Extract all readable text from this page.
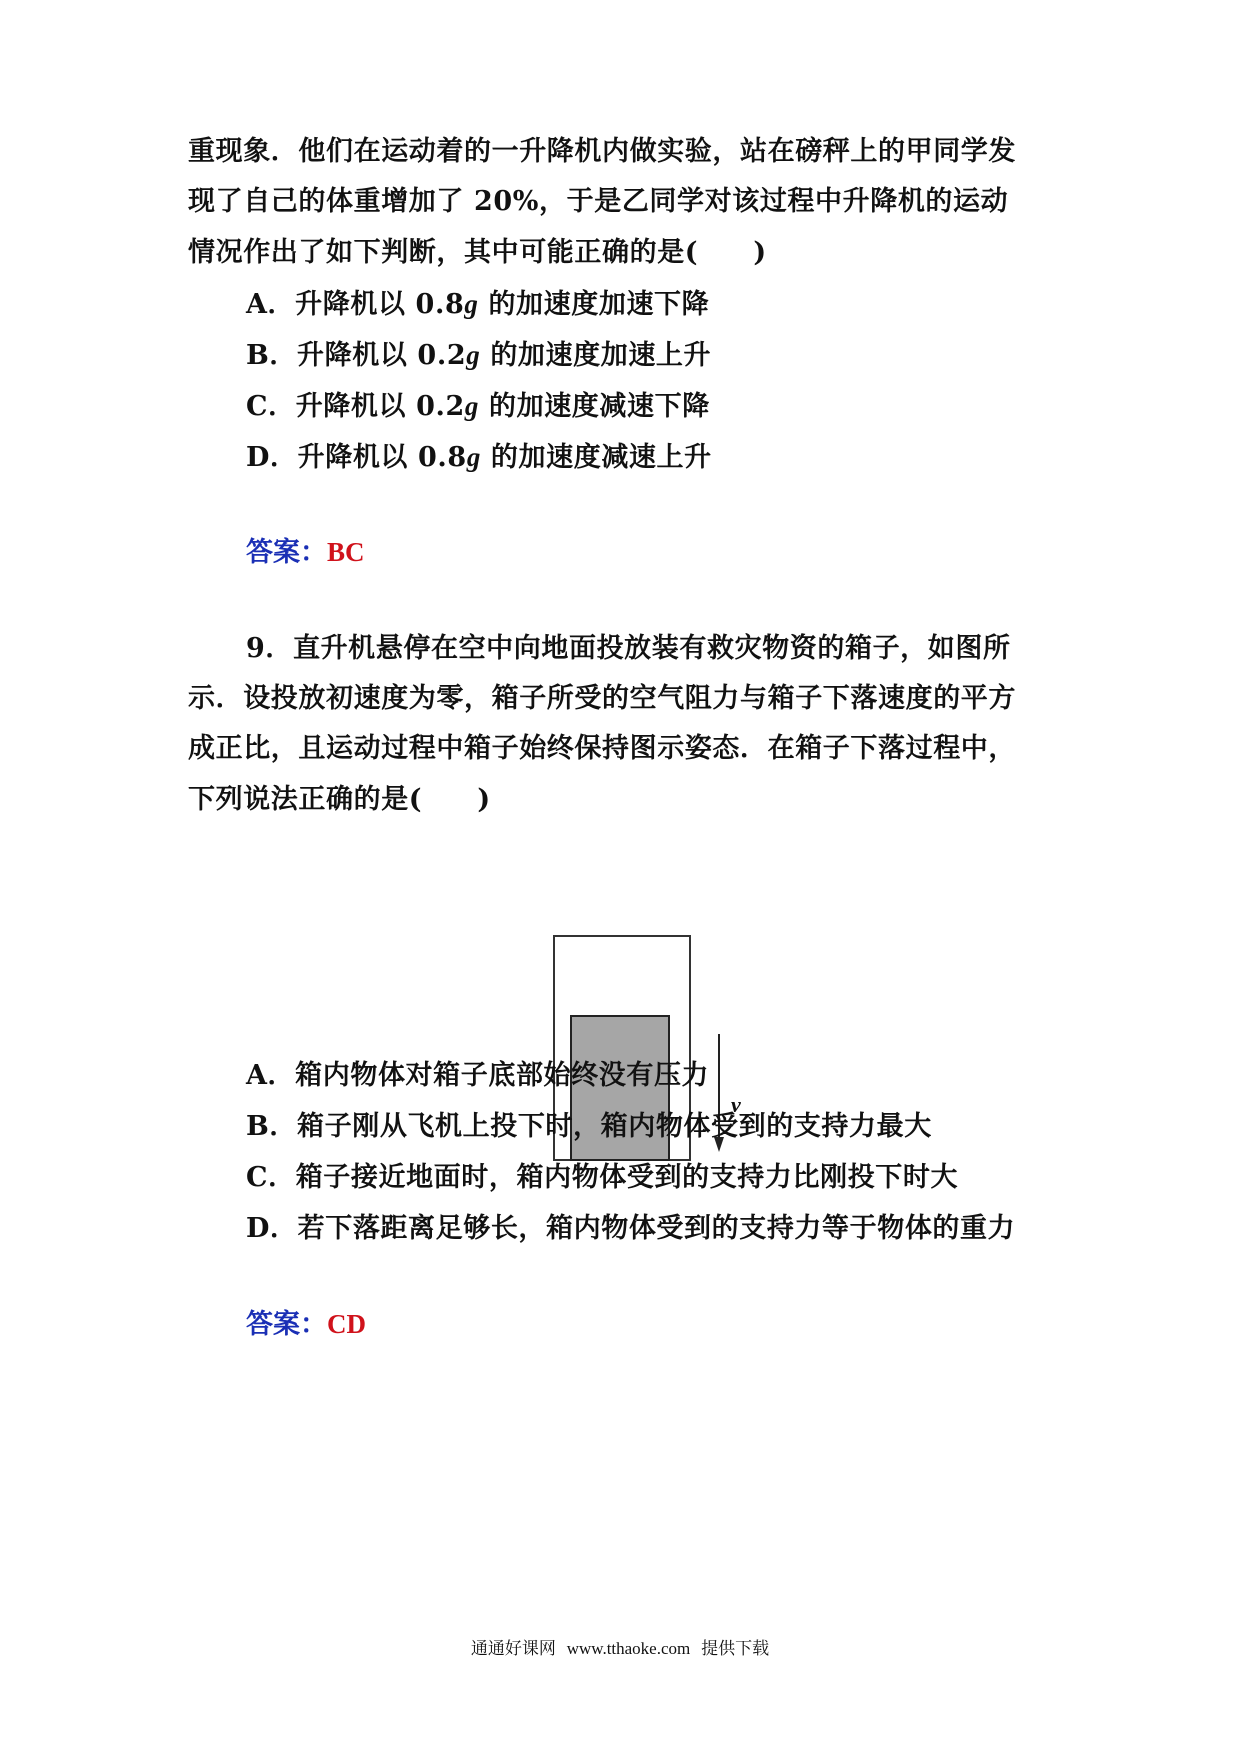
重现象．他们在运动着的一升降机内做实验，站在磅秤上的甲同学发
现了自己的体重增加了 20%，于是乙同学对该过程中升降机的运动
情况作出了如下判断，其中可能正确的是(　　)
A．升降机以 0.8g 的加速度加速下降
B．升降机以 0.2g 的加速度加速上升
C．升降机以 0.2g 的加速度减速下降
D．升降机以 0.8g 的加速度减速上升
答案：BC
9．直升机悬停在空中向地面投放装有救灾物资的箱子，如图所
示．设投放初速度为零，箱子所受的空气阻力与箱子下落速度的平方
成正比，且运动过程中箱子始终保持图示姿态．在箱子下落过程中，
下列说法正确的是(　　)
v
A．箱内物体对箱子底部始终没有压力
B．箱子刚从飞机上投下时，箱内物体受到的支持力最大
C．箱子接近地面时，箱内物体受到的支持力比刚投下时大
D．若下落距离足够长，箱内物体受到的支持力等于物体的重力
答案：CD
通通好课网 www.tthaoke.com 提供下载
